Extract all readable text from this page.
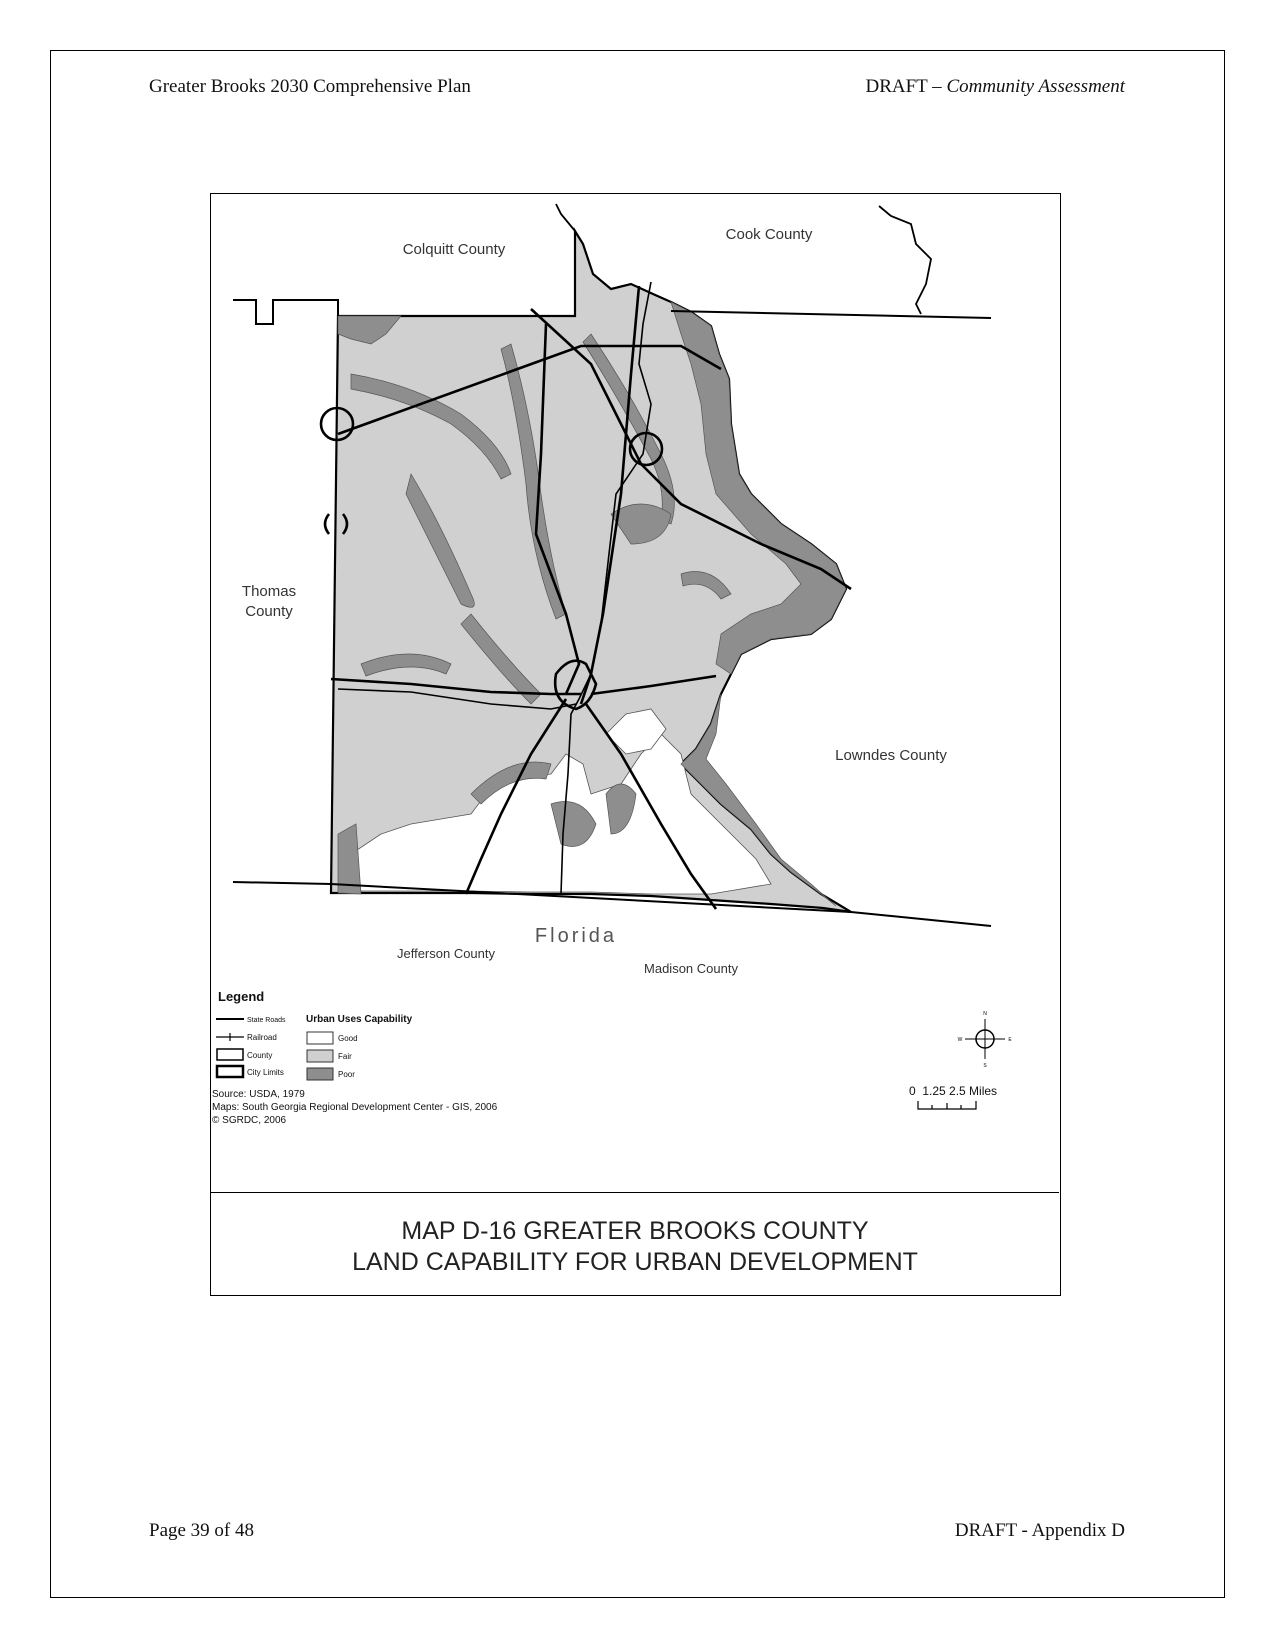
Greater Brooks 2030 Comprehensive Plan	DRAFT – Community Assessment
Colquitt County
Cook County
Thomas
County
Lowndes County
Florida
Jefferson County
Madison County
Legend
Urban Uses Capability
State Roads
Railroad
County
City Limits
Good
Fair
Poor
Source: USDA, 1979
Maps: South Georgia Regional Development Center - GIS, 2006
© SGRDC, 2006
N
S
E
W
0  1.25 2.5 Miles
MAP D-16 GREATER BROOKS COUNTY
LAND CAPABILITY FOR URBAN DEVELOPMENT
Page 39 of 48	DRAFT - Appendix D
